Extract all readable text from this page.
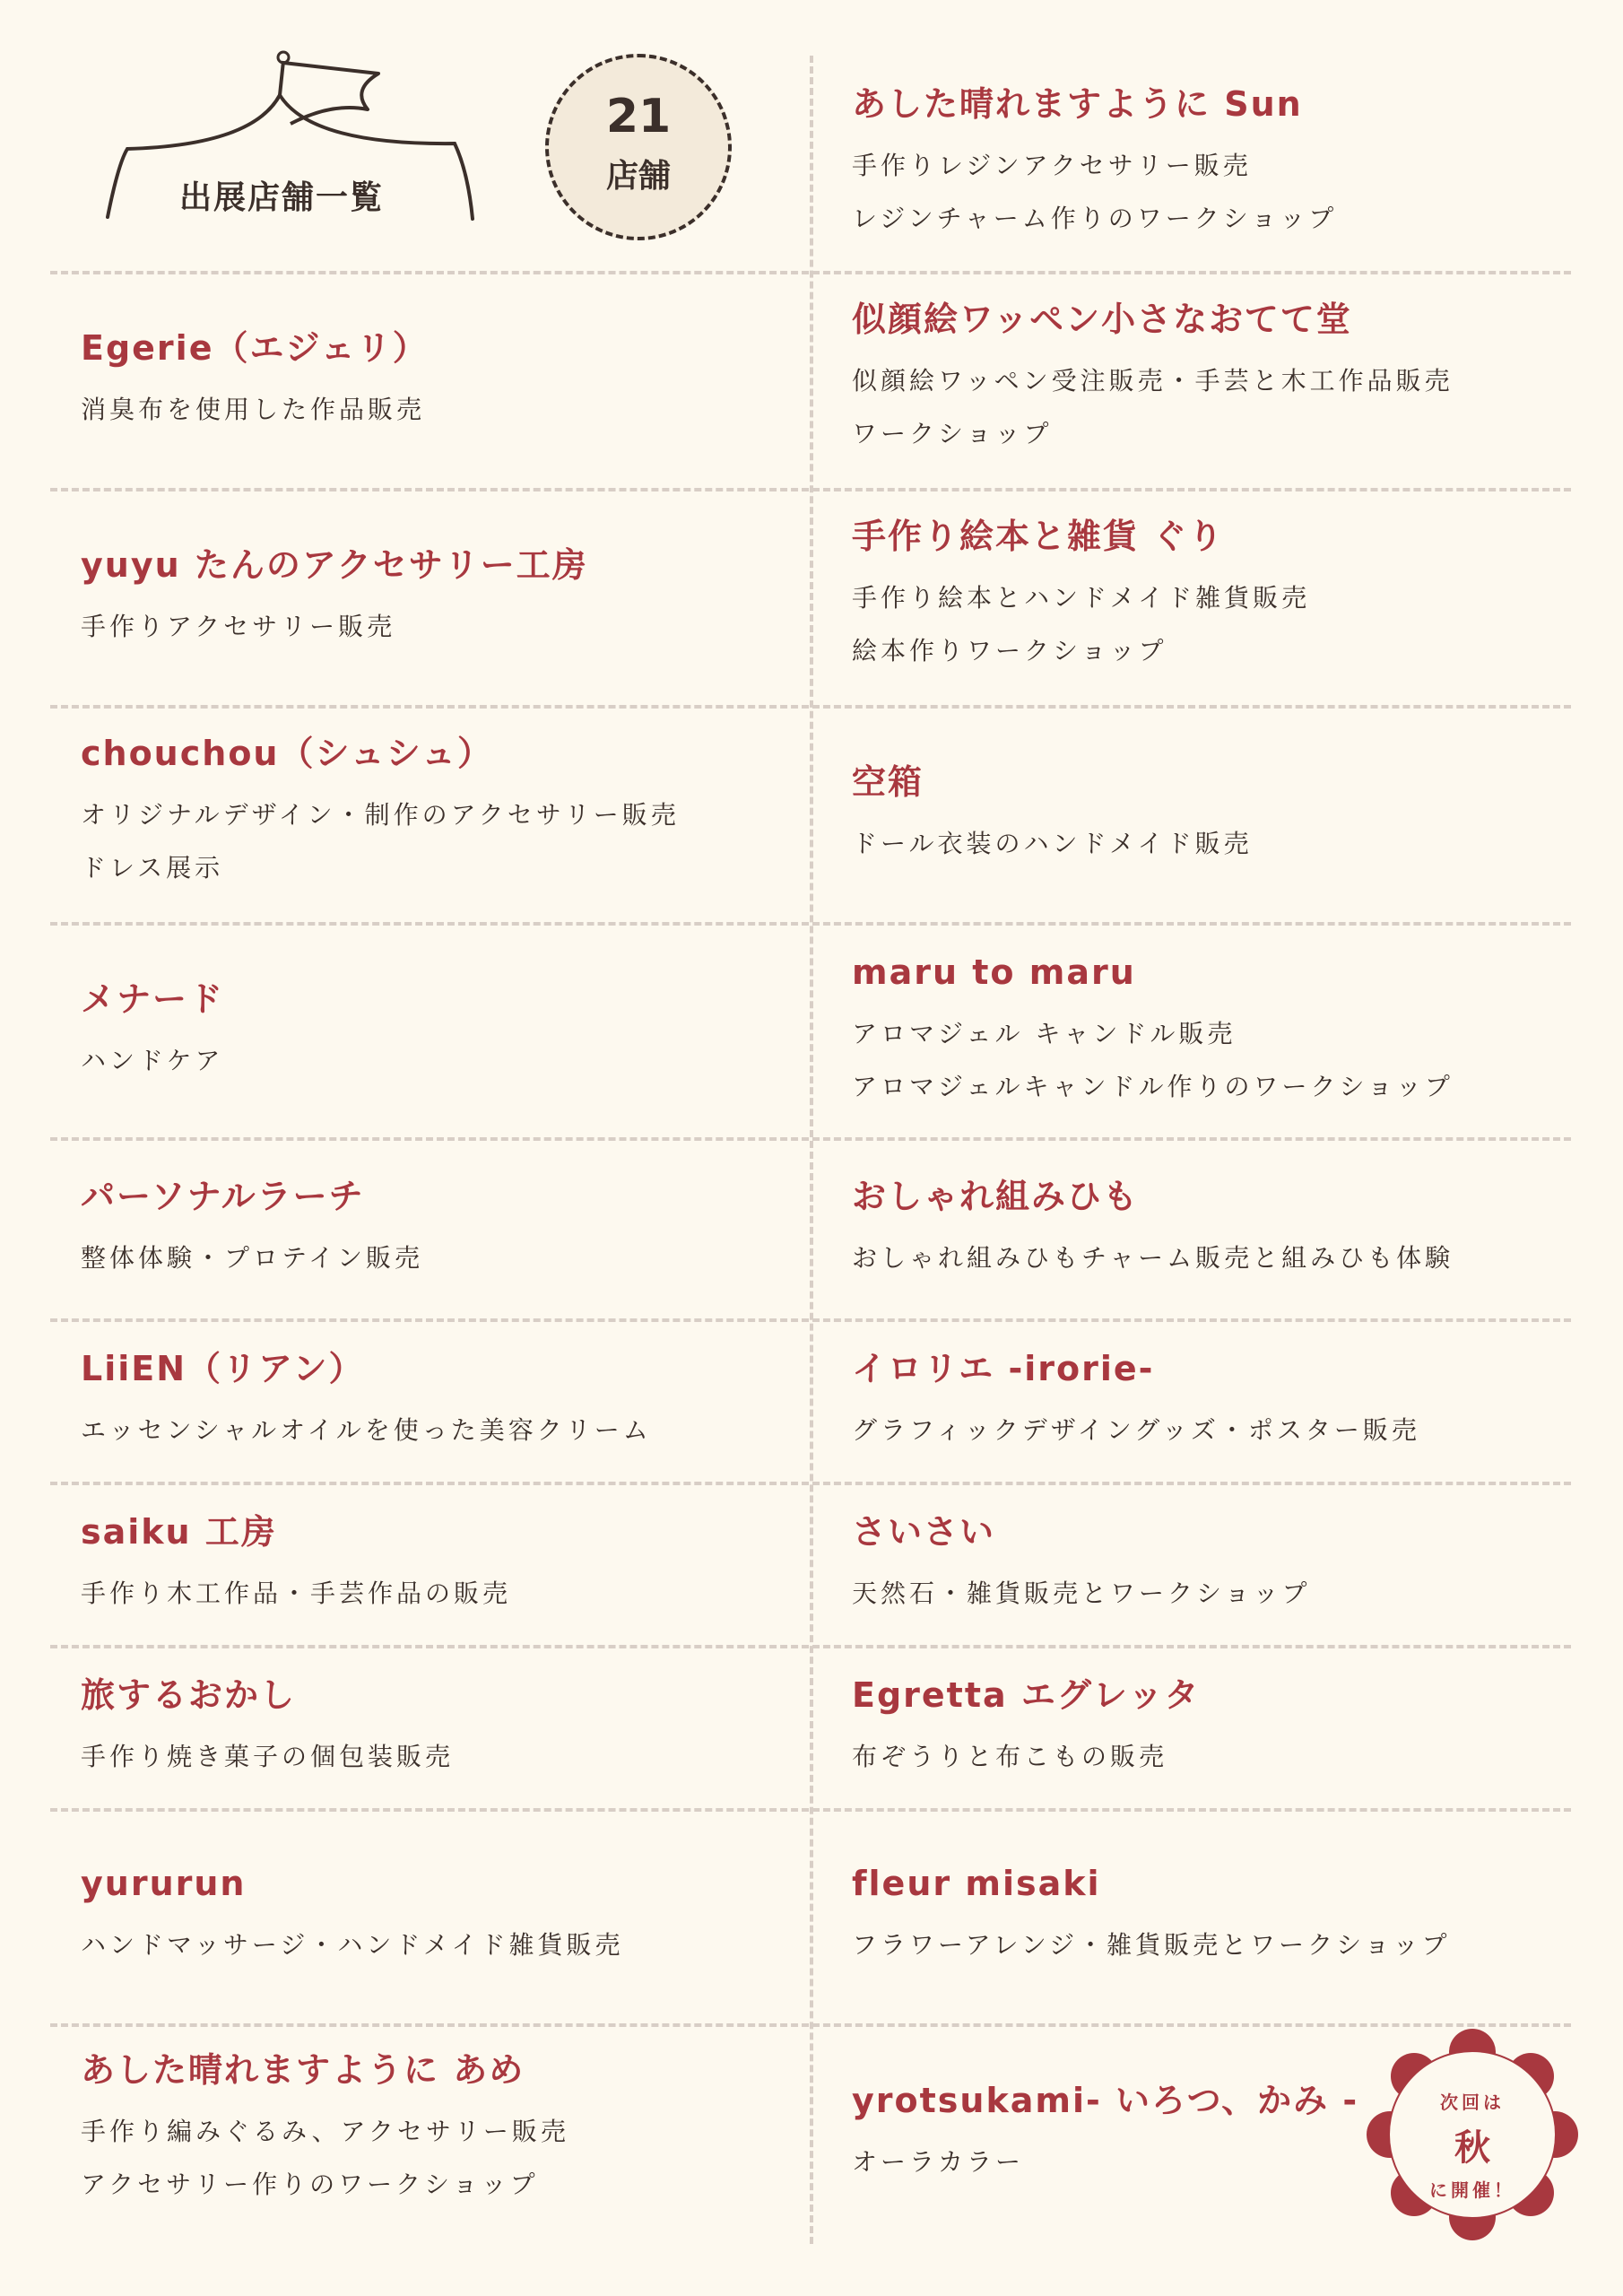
出展店舗一覧
21
店舗
あした晴れますように Sun
手作りレジンアクセサリー販売
レジンチャーム作りのワークショップ
Egerie（エジェリ）
消臭布を使用した作品販売
似顔絵ワッペン小さなおてて堂
似顔絵ワッペン受注販売・手芸と木工作品販売
ワークショップ
yuyu たんのアクセサリー工房
手作りアクセサリー販売
手作り絵本と雑貨 ぐり
手作り絵本とハンドメイド雑貨販売
絵本作りワークショップ
chouchou（シュシュ）
オリジナルデザイン・制作のアクセサリー販売
ドレス展示
空箱
ドール衣装のハンドメイド販売
メナード
ハンドケア
maru to maru
アロマジェル キャンドル販売
アロマジェルキャンドル作りのワークショップ
パーソナルラーチ
整体体験・プロテイン販売
おしゃれ組みひも
おしゃれ組みひもチャーム販売と組みひも体験
LiiEN（リアン）
エッセンシャルオイルを使った美容クリーム
イロリエ -irorie-
グラフィックデザイングッズ・ポスター販売
saiku 工房
手作り木工作品・手芸作品の販売
さいさい
天然石・雑貨販売とワークショップ
旅するおかし
手作り焼き菓子の個包装販売
Egretta エグレッタ
布ぞうりと布こもの販売
yururun
ハンドマッサージ・ハンドメイド雑貨販売
fleur misaki
フラワーアレンジ・雑貨販売とワークショップ
あした晴れますように あめ
手作り編みぐるみ、アクセサリー販売
アクセサリー作りのワークショップ
yrotsukami- いろつ、かみ -
オーラカラー
次回は
秋
に開催！
